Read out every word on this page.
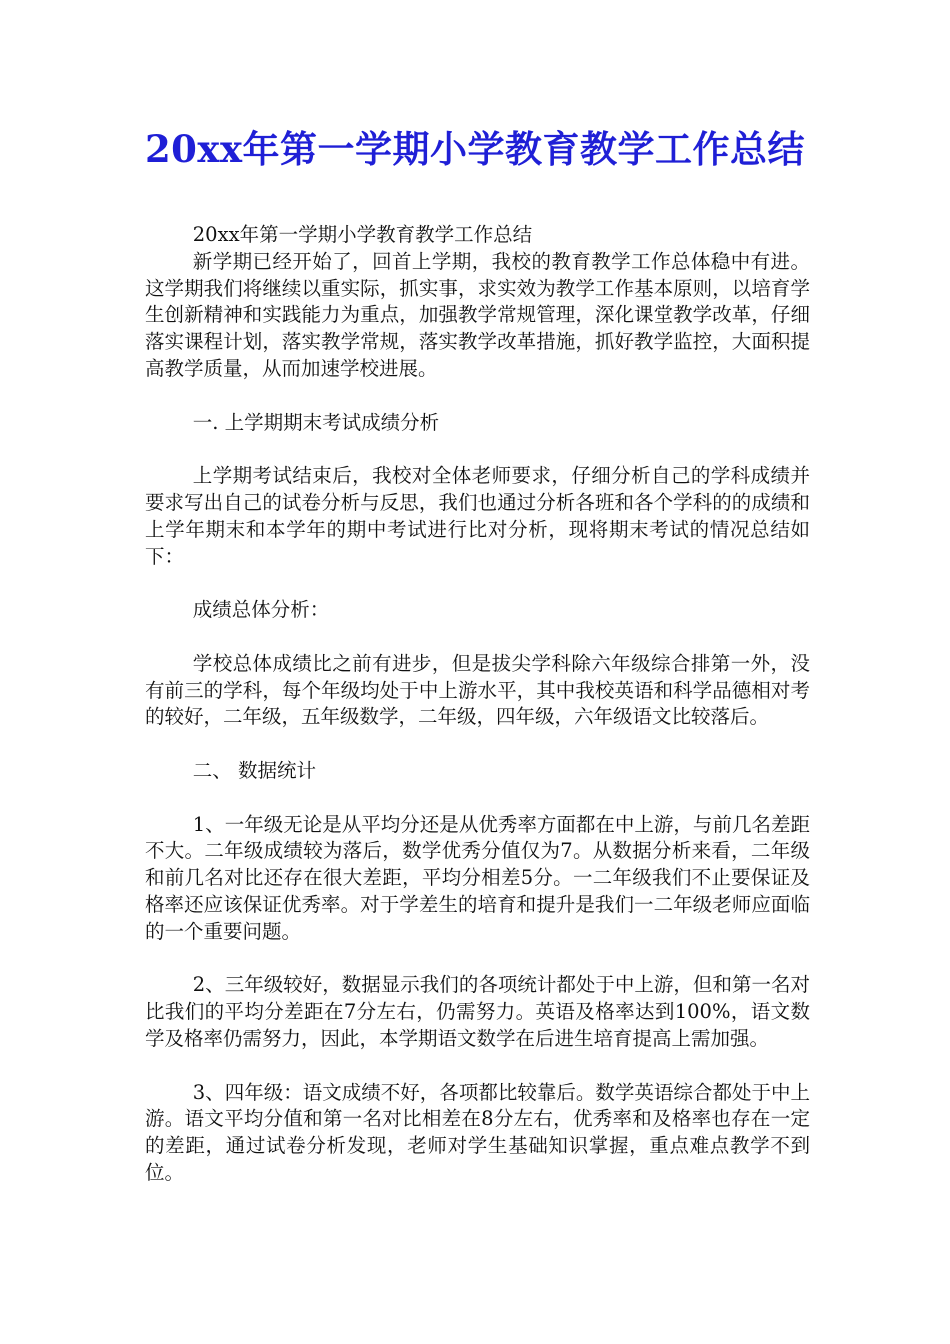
20xx年第一学期小学教育教学工作总结

20xx年第一学期小学教育教学工作总结

新学期已经开始了，回首上学期，我校的教育教学工作总体稳中有进。这学期我们将继续以重实际，抓实事，求实效为教学工作基本原则，以培育学生创新精神和实践能力为重点，加强教学常规管理，深化课堂教学改革，仔细落实课程计划，落实教学常规，落实教学改革措施，抓好教学监控，大面积提高教学质量，从而加速学校进展。

一. 上学期期末考试成绩分析

上学期考试结束后，我校对全体老师要求，仔细分析自己的学科成绩并要求写出自己的试卷分析与反思，我们也通过分析各班和各个学科的的成绩和上学年期末和本学年的期中考试进行比对分析，现将期末考试的情况总结如下：

成绩总体分析：

学校总体成绩比之前有进步，但是拔尖学科除六年级综合排第一外，没有前三的学科，每个年级均处于中上游水平，其中我校英语和科学品德相对考的较好，二年级，五年级数学，二年级，四年级，六年级语文比较落后。

二、 数据统计

1、一年级无论是从平均分还是从优秀率方面都在中上游，与前几名差距不大。二年级成绩较为落后，数学优秀分值仅为7。从数据分析来看，二年级和前几名对比还存在很大差距，平均分相差5分。一二年级我们不止要保证及格率还应该保证优秀率。对于学差生的培育和提升是我们一二年级老师应面临的一个重要问题。

2、三年级较好，数据显示我们的各项统计都处于中上游，但和第一名对比我们的平均分差距在7分左右，仍需努力。英语及格率达到100%，语文数学及格率仍需努力，因此，本学期语文数学在后进生培育提高上需加强。

3、四年级：语文成绩不好，各项都比较靠后。数学英语综合都处于中上游。语文平均分值和第一名对比相差在8分左右，优秀率和及格率也存在一定的差距，通过试卷分析发现，老师对学生基础知识掌握，重点难点教学不到位。
